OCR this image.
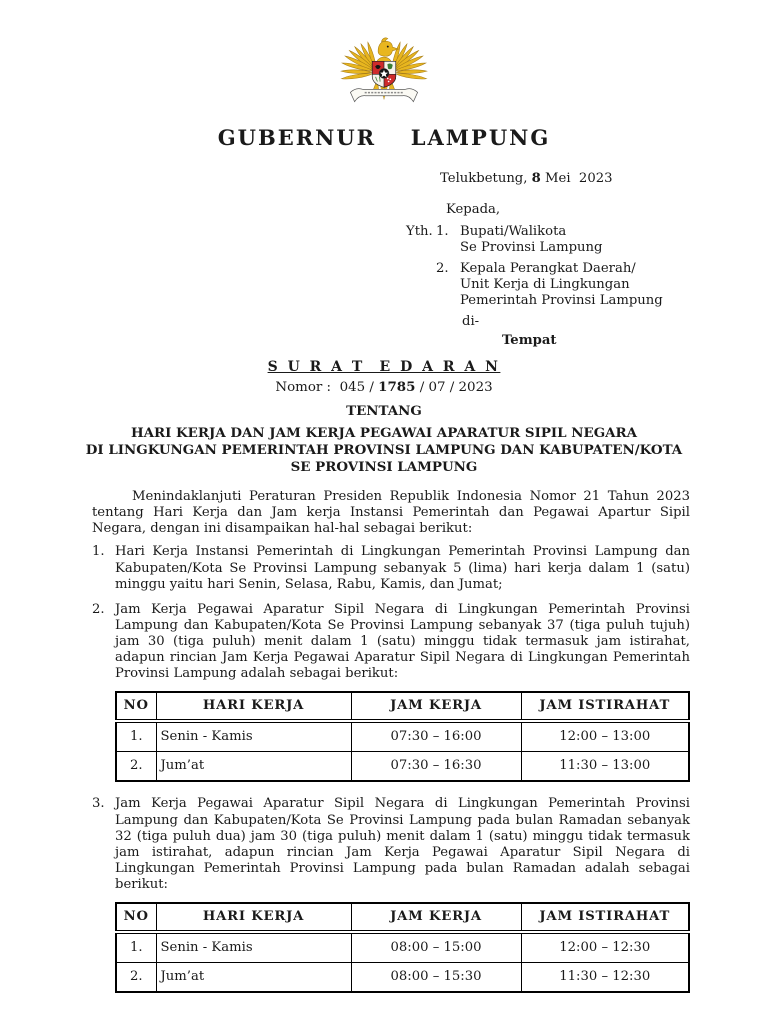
GUBERNUR  LAMPUNG
Telukbetung, 8 Mei  2023
Kepada,
Yth. 1. Bupati/Walikota
Se Provinsi Lampung
2. Kepala Perangkat Daerah/
Unit Kerja di Lingkungan
Pemerintah Provinsi Lampung
di-
Tempat
S U R A T  E D A R A N
Nomor :  045 / 1785 / 07 / 2023
TENTANG
HARI KERJA DAN JAM KERJA PEGAWAI APARATUR SIPIL NEGARA
DI LINGKUNGAN PEMERINTAH PROVINSI LAMPUNG DAN KABUPATEN/KOTA
SE PROVINSI LAMPUNG

Menindaklanjuti Peraturan Presiden Republik Indonesia Nomor 21 Tahun 2023 tentang Hari Kerja dan Jam kerja Instansi Pemerintah dan Pegawai Apartur Sipil Negara, dengan ini disampaikan hal-hal sebagai berikut:

1. Hari Kerja Instansi Pemerintah di Lingkungan Pemerintah Provinsi Lampung dan Kabupaten/Kota Se Provinsi Lampung sebanyak 5 (lima) hari kerja dalam 1 (satu) minggu yaitu hari Senin, Selasa, Rabu, Kamis, dan Jumat;
2. Jam Kerja Pegawai Aparatur Sipil Negara di Lingkungan Pemerintah Provinsi Lampung dan Kabupaten/Kota Se Provinsi Lampung sebanyak 37 (tiga puluh tujuh) jam 30 (tiga puluh) menit dalam 1 (satu) minggu tidak termasuk jam istirahat, adapun rincian Jam Kerja Pegawai Aparatur Sipil Negara di Lingkungan Pemerintah Provinsi Lampung adalah sebagai berikut:
NO	HARI KERJA	JAM KERJA	JAM ISTIRAHAT
1.	Senin - Kamis	07:30 – 16:00	12:00 – 13:00
2.	Jum’at	07:30 – 16:30	11:30 – 13:00
3. Jam Kerja Pegawai Aparatur Sipil Negara di Lingkungan Pemerintah Provinsi Lampung dan Kabupaten/Kota Se Provinsi Lampung pada bulan Ramadan sebanyak 32 (tiga puluh dua) jam 30 (tiga puluh) menit dalam 1 (satu) minggu tidak termasuk jam istirahat, adapun rincian Jam Kerja Pegawai Aparatur Sipil Negara di Lingkungan Pemerintah Provinsi Lampung pada bulan Ramadan adalah sebagai berikut:
NO	HARI KERJA	JAM KERJA	JAM ISTIRAHAT
1.	Senin - Kamis	08:00 – 15:00	12:00 – 12:30
2.	Jum’at	08:00 – 15:30	11:30 – 12:30
